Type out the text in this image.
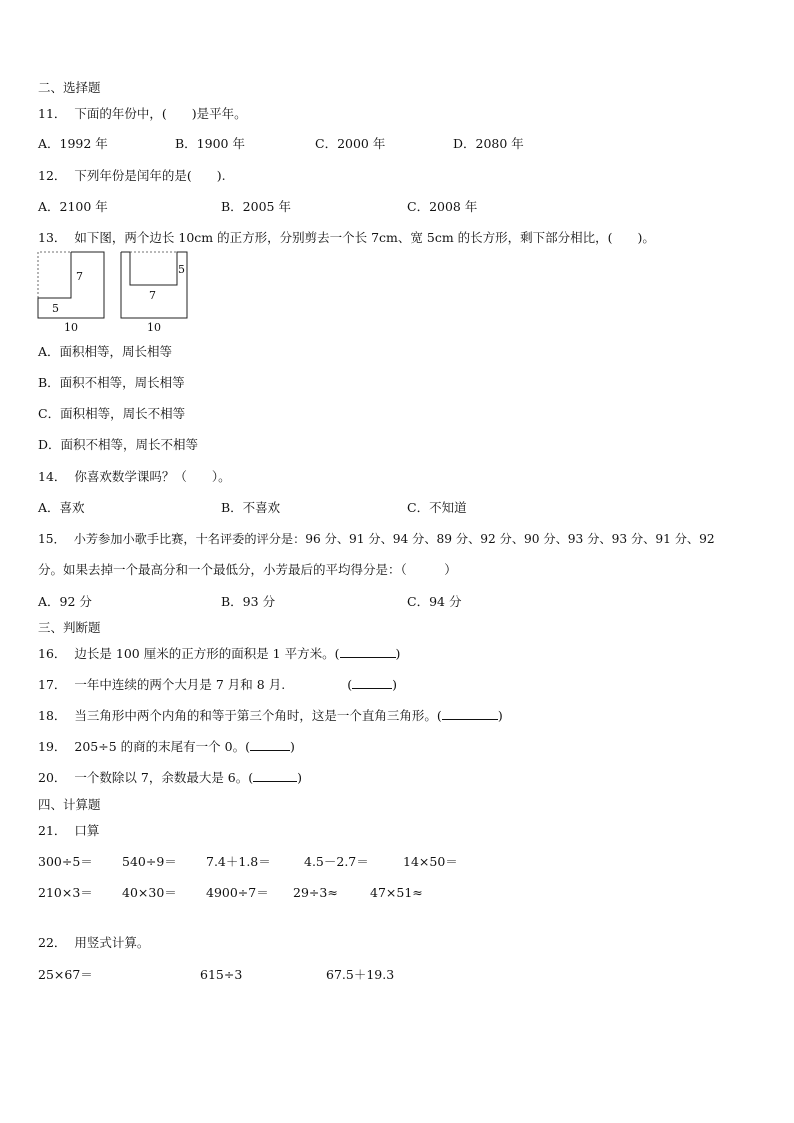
二、选择题
11． 下面的年份中，(　　)是平年。
A．1992 年	B．1900 年	C．2000 年	D．2080 年
12． 下列年份是闰年的是(　　).
A．2100 年	B．2005 年	C．2008 年
13． 如下图，两个边长 10cm 的正方形，分别剪去一个长 7cm、宽 5cm 的长方形，剩下部分相比，(　　)。
7
5
10
5
7
10
A．面积相等，周长相等
B．面积不相等，周长相等
C．面积相等，周长不相等
D．面积不相等，周长不相等
14． 你喜欢数学课吗？（　　）。
A．喜欢	B．不喜欢	C．不知道
15． 小芳参加小歌手比赛，十名评委的评分是：96 分、91 分、94 分、89 分、92 分、90 分、93 分、93 分、91 分、92
分。如果去掉一个最高分和一个最低分，小芳最后的平均得分是：（　　　）
A．92 分	B．93 分	C．94 分
三、判断题
16． 边长是 100 厘米的正方形的面积是 1 平方米。(	)
17． 一年中连续的两个大月是 7 月和 8 月.	(	)
18． 当三角形中两个内角的和等于第三个角时，这是一个直角三角形。(	)
19． 205÷5 的商的末尾有一个 0。(	)
20． 一个数除以 7，余数最大是 6。(	)
四、计算题
21． 口算
300÷5＝ 540÷9＝ 7.4＋1.8＝	4.5－2.7＝	14×50＝
210×3＝ 40×30＝ 4900÷7＝ 29÷3≈	47×51≈
22． 用竖式计算。
25×67＝	615÷3	67.5＋19.3
